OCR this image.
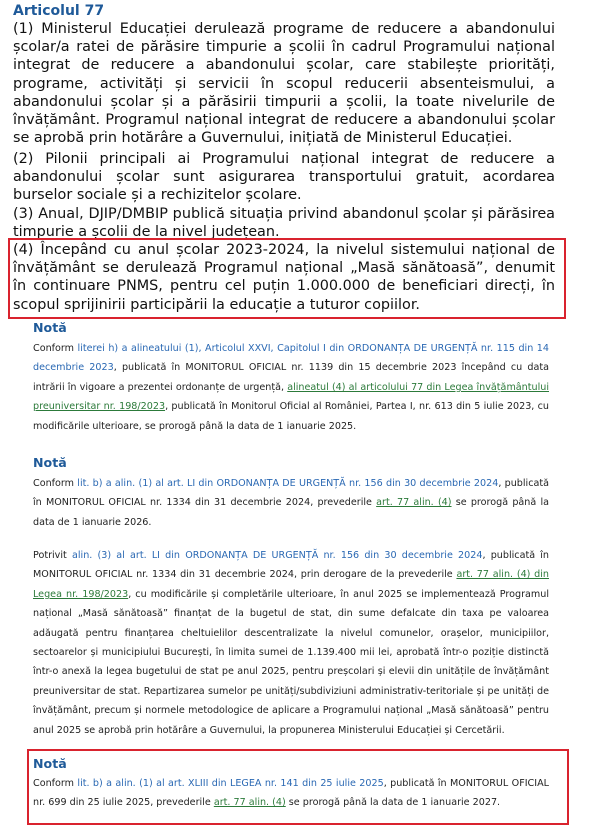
Articolul 77
(1) Ministerul Educației derulează programe de reducere a abandonului școlar/a ratei de părăsire timpurie a școlii în cadrul Programului național integrat de reducere a abandonului școlar, care stabilește priorități, programe, activități și servicii în scopul reducerii absenteismului, a abandonului școlar și a părăsirii timpurii a școlii, la toate nivelurile de învățământ. Programul național integrat de reducere a abandonului școlar se aprobă prin hotărâre a Guvernului, inițiată de Ministerul Educației.
(2) Pilonii principali ai Programului național integrat de reducere a abandonului școlar sunt asigurarea transportului gratuit, acordarea burselor sociale și a rechizitelor școlare.
(3) Anual, DJIP/DMBIP publică situația privind abandonul școlar și părăsirea timpurie a școlii de la nivel județean.
(4) Începând cu anul școlar 2023-2024, la nivelul sistemului național de învățământ se derulează Programul național „Masă sănătoasă”, denumit în continuare PNMS, pentru cel puțin 1.000.000 de beneficiari direcți, în scopul sprijinirii participării la educație a tuturor copiilor.
Notă
Conform literei h) a alineatului (1), Articolul XXVI, Capitolul I din ORDONANȚA DE URGENȚĂ nr. 115 din 14 decembrie 2023, publicată în MONITORUL OFICIAL nr. 1139 din 15 decembrie 2023 începând cu data intrării în vigoare a prezentei ordonanțe de urgență, alineatul (4) al articolului 77 din Legea învățământului preuniversitar nr. 198/2023, publicată în Monitorul Oficial al României, Partea I, nr. 613 din 5 iulie 2023, cu modificările ulterioare, se prorogă până la data de 1 ianuarie 2025.
Notă
Conform lit. b) a alin. (1) al art. LI din ORDONANȚA DE URGENȚĂ nr. 156 din 30 decembrie 2024, publicată în MONITORUL OFICIAL nr. 1334 din 31 decembrie 2024, prevederile art. 77 alin. (4) se prorogă până la data de 1 ianuarie 2026.
Potrivit alin. (3) al art. LI din ORDONANȚA DE URGENȚĂ nr. 156 din 30 decembrie 2024, publicată în MONITORUL OFICIAL nr. 1334 din 31 decembrie 2024, prin derogare de la prevederile art. 77 alin. (4) din Legea nr. 198/2023, cu modificările și completările ulterioare, în anul 2025 se implementează Programul național „Masă sănătoasă” finanțat de la bugetul de stat, din sume defalcate din taxa pe valoarea adăugată pentru finanțarea cheltuielilor descentralizate la nivelul comunelor, orașelor, municipiilor, sectoarelor și municipiului București, în limita sumei de 1.139.400 mii lei, aprobată într-o poziție distinctă într-o anexă la legea bugetului de stat pe anul 2025, pentru preșcolari și elevii din unitățile de învățământ preuniversitar de stat. Repartizarea sumelor pe unități/subdiviziuni administrativ-teritoriale și pe unități de învățământ, precum și normele metodologice de aplicare a Programului național „Masă sănătoasă” pentru anul 2025 se aprobă prin hotărâre a Guvernului, la propunerea Ministerului Educației și Cercetării.
Notă
Conform lit. b) a alin. (1) al art. XLIII din LEGEA nr. 141 din 25 iulie 2025, publicată în MONITORUL OFICIAL nr. 699 din 25 iulie 2025, prevederile art. 77 alin. (4) se prorogă până la data de 1 ianuarie 2027.
